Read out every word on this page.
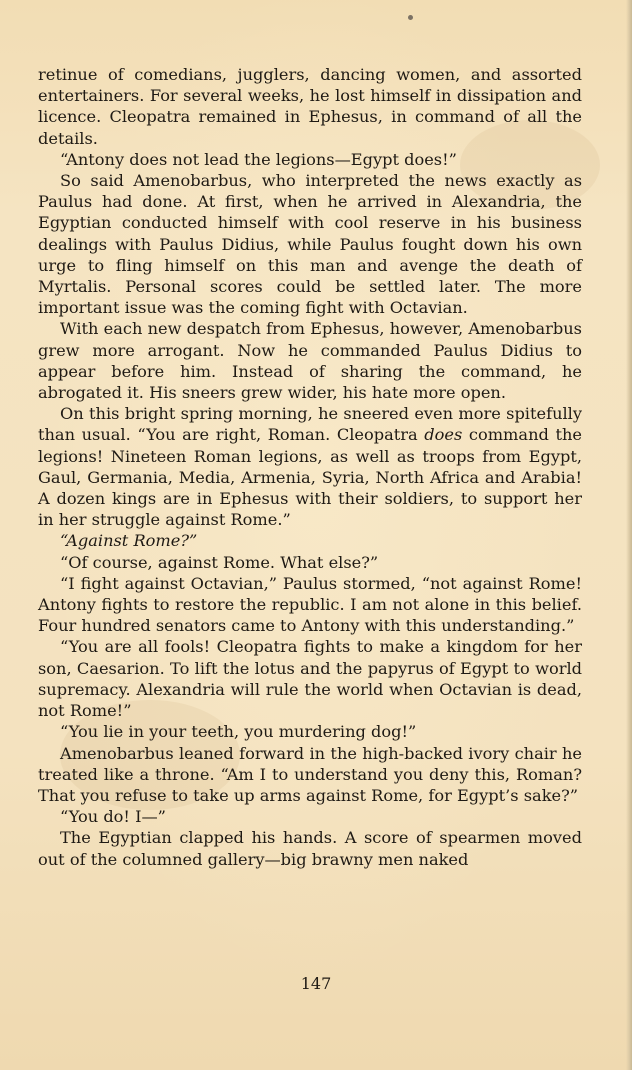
retinue of comedians, jugglers, dancing women, and assorted entertainers. For several weeks, he lost himself in dissipation and licence. Cleopatra remained in Ephesus, in command of all the details.

“Antony does not lead the legions—Egypt does!”

So said Amenobarbus, who interpreted the news exactly as Paulus had done. At first, when he arrived in Alexandria, the Egyptian conducted himself with cool reserve in his business dealings with Paulus Didius, while Paulus fought down his own urge to fling himself on this man and avenge the death of Myrtalis. Personal scores could be settled later. The more important issue was the coming fight with Octavian.

With each new despatch from Ephesus, however, Amenobarbus grew more arrogant. Now he commanded Paulus Didius to appear before him. Instead of sharing the command, he abrogated it. His sneers grew wider, his hate more open.

On this bright spring morning, he sneered even more spitefully than usual. “You are right, Roman. Cleopatra does command the legions! Nineteen Roman legions, as well as troops from Egypt, Gaul, Germania, Media, Armenia, Syria, North Africa and Arabia! A dozen kings are in Ephesus with their soldiers, to support her in her struggle against Rome.”

“Against Rome?”

“Of course, against Rome. What else?”

“I fight against Octavian,” Paulus stormed, “not against Rome! Antony fights to restore the republic. I am not alone in this belief. Four hundred senators came to Antony with this understanding.”

“You are all fools! Cleopatra fights to make a kingdom for her son, Caesarion. To lift the lotus and the papyrus of Egypt to world supremacy. Alexandria will rule the world when Octavian is dead, not Rome!”

“You lie in your teeth, you murdering dog!”

Amenobarbus leaned forward in the high-backed ivory chair he treated like a throne. “Am I to understand you deny this, Roman? That you refuse to take up arms against Rome, for Egypt’s sake?”

“You do! I—”

The Egyptian clapped his hands. A score of spearmen moved out of the columned gallery—big brawny men naked

147
